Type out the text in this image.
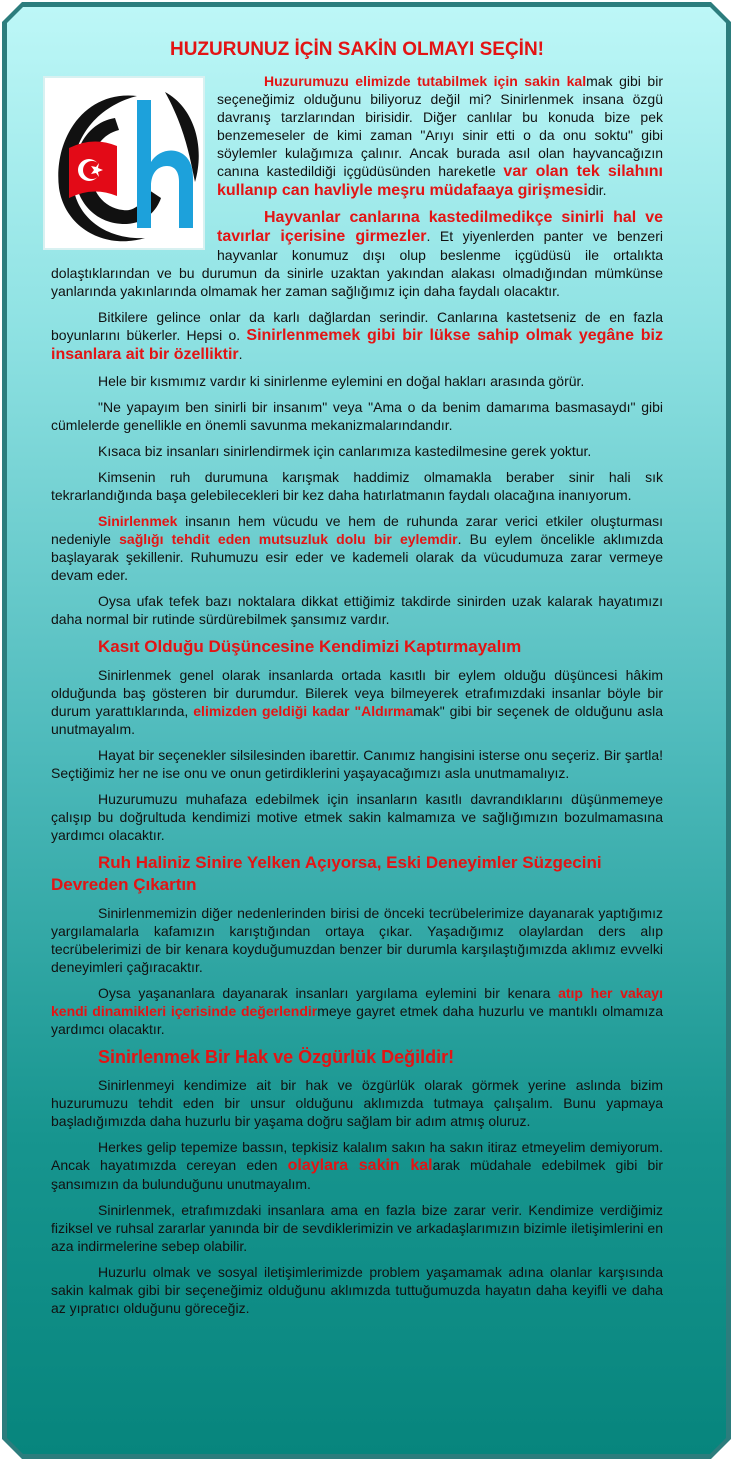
HUZURUNUZ İÇİN SAKİN OLMAYI SEÇİN!

Huzurumuzu elimizde tutabilmek için sakin kalmak gibi bir seçeneğimiz olduğunu biliyoruz değil mi? Sinirlenmek insana özgü davranış tarzlarından birisidir. Diğer canlılar bu konuda bize pek benzemeseler de kimi zaman "Arıyı sinir etti o da onu soktu" gibi söylemler kulağımıza çalınır. Ancak burada asıl olan hayvancağızın canına kastedildiği içgüdüsünden hareketle var olan tek silahını kullanıp can havliyle meşru müdafaaya girişmesidir.

Hayvanlar canlarına kastedilmedikçe sinirli hal ve tavırlar içerisine girmezler. Et yiyenlerden panter ve benzeri hayvanlar konumuz dışı olup beslenme içgüdüsü ile ortalıkta dolaştıklarından ve bu durumun da sinirle uzaktan yakından alakası olmadığından mümkünse yanlarında yakınlarında olmamak her zaman sağlığımız için daha faydalı olacaktır.

Bitkilere gelince onlar da karlı dağlardan serindir. Canlarına kastetseniz de en fazla boyunlarını bükerler. Hepsi o. Sinirlenmemek gibi bir lükse sahip olmak yegâne biz insanlara ait bir özelliktir.

Hele bir kısmımız vardır ki sinirlenme eylemini en doğal hakları arasında görür.

"Ne yapayım ben sinirli bir insanım" veya "Ama o da benim damarıma basmasaydı" gibi cümlelerde genellikle en önemli savunma mekanizmalarındandır.

Kısaca biz insanları sinirlendirmek için canlarımıza kastedilmesine gerek yoktur.

Kimsenin ruh durumuna karışmak haddimiz olmamakla beraber sinir hali sık tekrarlandığında başa gelebilecekleri bir kez daha hatırlatmanın faydalı olacağına inanıyorum.

Sinirlenmek insanın hem vücudu ve hem de ruhunda zarar verici etkiler oluşturması nedeniyle sağlığı tehdit eden mutsuzluk dolu bir eylemdir. Bu eylem öncelikle aklımızda başlayarak şekillenir. Ruhumuzu esir eder ve kademeli olarak da vücudumuza zarar vermeye devam eder.

Oysa ufak tefek bazı noktalara dikkat ettiğimiz takdirde sinirden uzak kalarak hayatımızı daha normal bir rutinde sürdürebilmek şansımız vardır.

Kasıt Olduğu Düşüncesine Kendimizi Kaptırmayalım

Sinirlenmek genel olarak insanlarda ortada kasıtlı bir eylem olduğu düşüncesi hâkim olduğunda baş gösteren bir durumdur. Bilerek veya bilmeyerek etrafımızdaki insanlar böyle bir durum yarattıklarında, elimizden geldiği kadar "Aldırmamak" gibi bir seçenek de olduğunu asla unutmayalım.

Hayat bir seçenekler silsilesinden ibarettir. Canımız hangisini isterse onu seçeriz. Bir şartla! Seçtiğimiz her ne ise onu ve onun getirdiklerini yaşayacağımızı asla unutmamalıyız.

Huzurumuzu muhafaza edebilmek için insanların kasıtlı davrandıklarını düşünmemeye çalışıp bu doğrultuda kendimizi motive etmek sakin kalmamıza ve sağlığımızın bozulmamasına yardımcı olacaktır.

Ruh Haliniz Sinire Yelken Açıyorsa, Eski Deneyimler Süzgecini Devreden Çıkartın

Sinirlenmemizin diğer nedenlerinden birisi de önceki tecrübelerimize dayanarak yaptığımız yargılamalarla kafamızın karıştığından ortaya çıkar. Yaşadığımız olaylardan ders alıp tecrübelerimizi de bir kenara koyduğumuzdan benzer bir durumla karşılaştığımızda aklımız evvelki deneyimleri çağıracaktır.

Oysa yaşananlara dayanarak insanları yargılama eylemini bir kenara atıp her vakayı kendi dinamikleri içerisinde değerlendirmeye gayret etmek daha huzurlu ve mantıklı olmamıza yardımcı olacaktır.

Sinirlenmek Bir Hak ve Özgürlük Değildir!

Sinirlenmeyi kendimize ait bir hak ve özgürlük olarak görmek yerine aslında bizim huzurumuzu tehdit eden bir unsur olduğunu aklımızda tutmaya çalışalım. Bunu yapmaya başladığımızda daha huzurlu bir yaşama doğru sağlam bir adım atmış oluruz.

Herkes gelip tepemize bassın, tepkisiz kalalım sakın ha sakın itiraz etmeyelim demiyorum. Ancak hayatımızda cereyan eden olaylara sakin kalarak müdahale edebilmek gibi bir şansımızın da bulunduğunu unutmayalım.

Sinirlenmek, etrafımızdaki insanlara ama en fazla bize zarar verir. Kendimize verdiğimiz fiziksel ve ruhsal zararlar yanında bir de sevdiklerimizin ve arkadaşlarımızın bizimle iletişimlerini en aza indirmelerine sebep olabilir.

Huzurlu olmak ve sosyal iletişimlerimizde problem yaşamamak adına olanlar karşısında sakin kalmak gibi bir seçeneğimiz olduğunu aklımızda tuttuğumuzda hayatın daha keyifli ve daha az yıpratıcı olduğunu göreceğiz.
